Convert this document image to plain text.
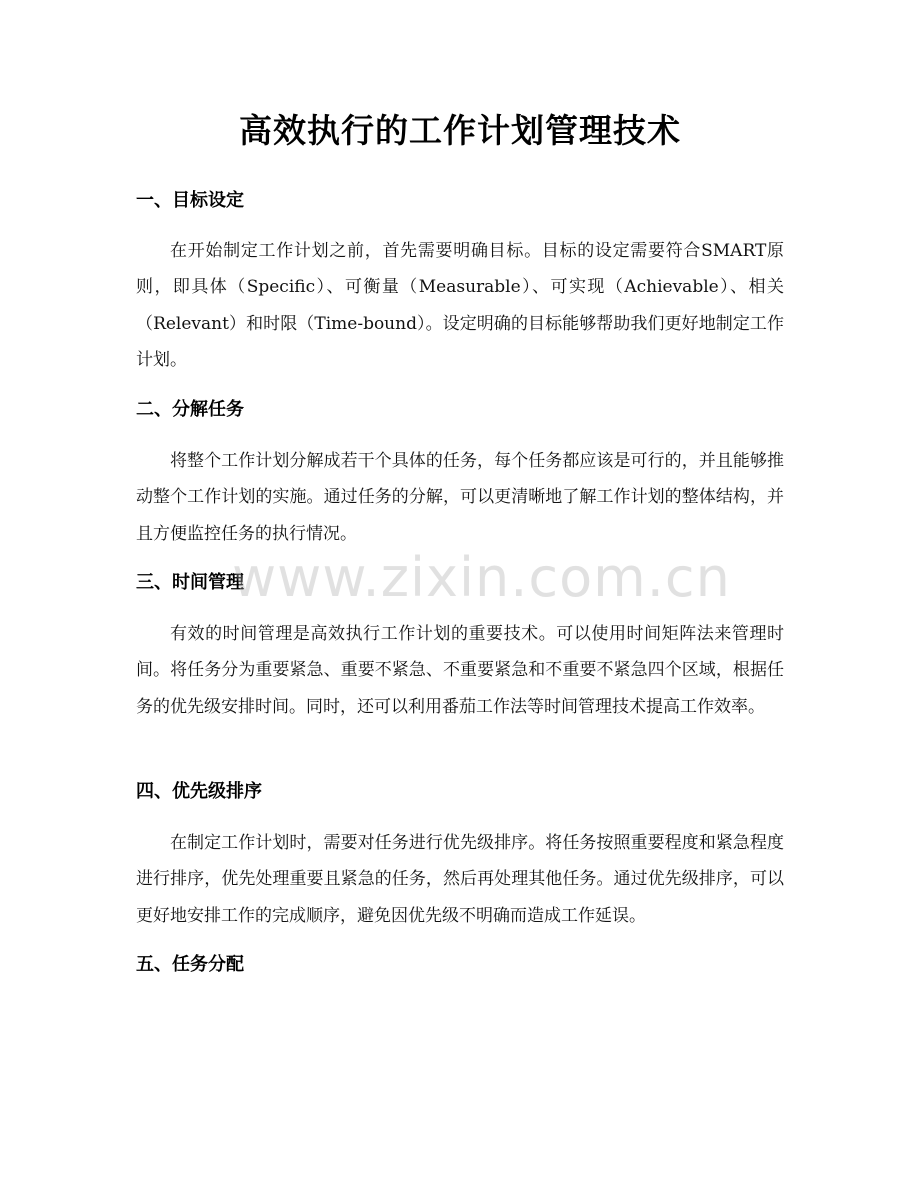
高效执行的工作计划管理技术
一、目标设定
在开始制定工作计划之前，首先需要明确目标。目标的设定需要符合SMART原则，即具体（Specific）、可衡量（Measurable）、可实现（Achievable）、相关（Relevant）和时限（Time-bound）。设定明确的目标能够帮助我们更好地制定工作计划。
二、分解任务
将整个工作计划分解成若干个具体的任务，每个任务都应该是可行的，并且能够推动整个工作计划的实施。通过任务的分解，可以更清晰地了解工作计划的整体结构，并且方便监控任务的执行情况。
三、时间管理
有效的时间管理是高效执行工作计划的重要技术。可以使用时间矩阵法来管理时间。将任务分为重要紧急、重要不紧急、不重要紧急和不重要不紧急四个区域，根据任务的优先级安排时间。同时，还可以利用番茄工作法等时间管理技术提高工作效率。
四、优先级排序
在制定工作计划时，需要对任务进行优先级排序。将任务按照重要程度和紧急程度进行排序，优先处理重要且紧急的任务，然后再处理其他任务。通过优先级排序，可以更好地安排工作的完成顺序，避免因优先级不明确而造成工作延误。
五、任务分配
www.zixin.com.cn
